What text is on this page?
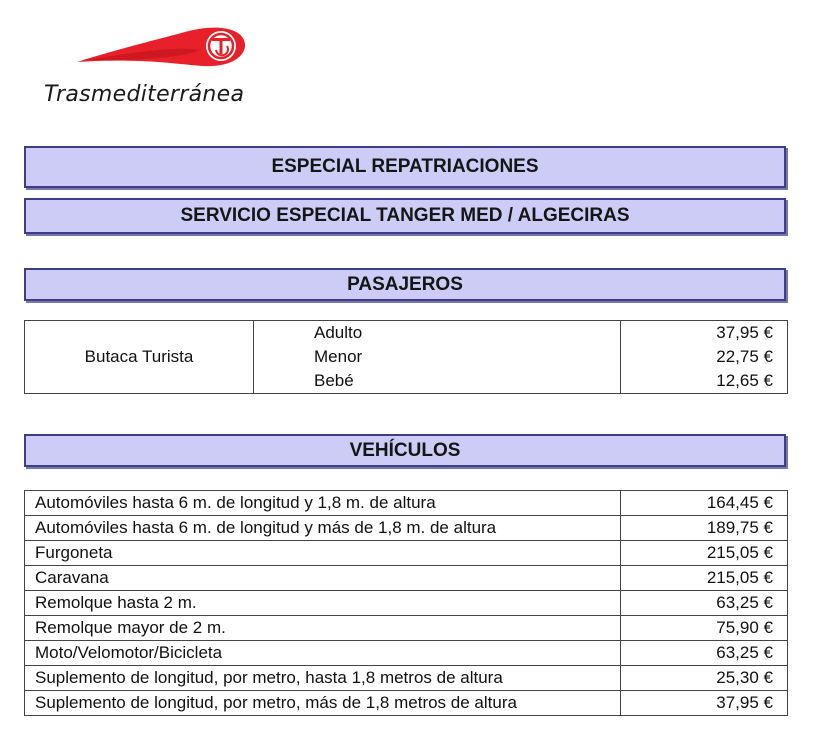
Trasmediterránea
ESPECIAL REPATRIACIONES
SERVICIO ESPECIAL TANGER MED / ALGECIRAS
PASAJEROS
Butaca Turista	Adulto	37,95 €
	Menor	22,75 €
	Bebé	12,65 €
VEHÍCULOS
Automóviles hasta 6 m. de longitud y 1,8 m. de altura	164,45 €
Automóviles hasta 6 m. de longitud y más de 1,8 m. de altura	189,75 €
Furgoneta	215,05 €
Caravana	215,05 €
Remolque hasta 2 m.	63,25 €
Remolque mayor de 2 m.	75,90 €
Moto/Velomotor/Bicicleta	63,25 €
Suplemento de longitud, por metro, hasta 1,8 metros de altura	25,30 €
Suplemento de longitud, por metro, más de 1,8 metros de altura	37,95 €
